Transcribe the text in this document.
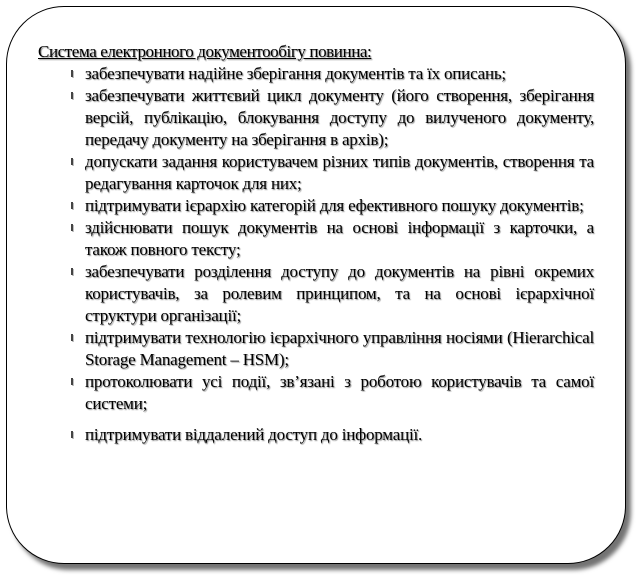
Система електронного документообігу повинна:
забезпечувати надійне зберігання документів та їх описань;
забезпечувати життєвий цикл документу (його створення, зберігання версій, публікацію, блокування доступу до вилученого документу, передачу документу на зберігання в архів);
допускати задання користувачем різних типів документів, створення та редагування карточок для них;
підтримувати ієрархію категорій для ефективного пошуку документів;
здійснювати пошук документів на основі інформації з карточки, а також повного тексту;
забезпечувати розділення доступу до документів на рівні окремих користувачів, за ролевим принципом, та на основі ієрархічної структури організації;
підтримувати технологію ієрархічного управління носіями (Hierarchical Storage Management – HSM);
протоколювати усі події, зв’язані з роботою користувачів та самої системи;
підтримувати віддалений доступ до інформації.
